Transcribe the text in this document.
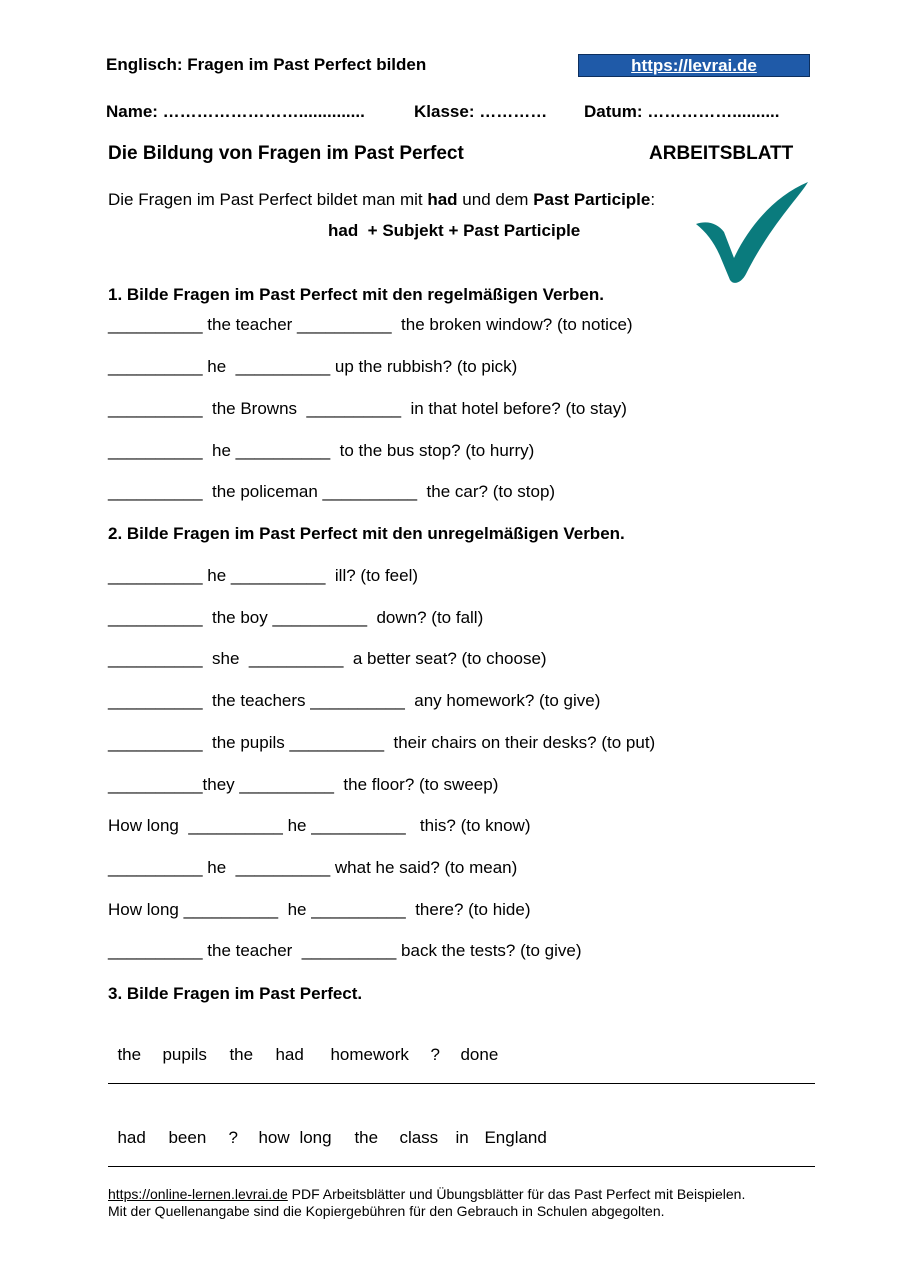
Englisch: Fragen im Past Perfect bilden	https://levrai.de
Name: ……………………..............	Klasse: ………… Datum: ……………..........
Die Bildung von Fragen im Past Perfect	ARBEITSBLATT
Die Fragen im Past Perfect bildet man mit had und dem Past Participle:
had  + Subjekt + Past Participle
1. Bilde Fragen im Past Perfect mit den regelmäßigen Verben.
__________ the teacher __________  the broken window? (to notice)
__________ he  __________ up the rubbish? (to pick)
__________  the Browns  __________  in that hotel before? (to stay)
__________  he __________  to the bus stop? (to hurry)
__________  the policeman __________  the car? (to stop)
2. Bilde Fragen im Past Perfect mit den unregelmäßigen Verben.
__________ he __________  ill? (to feel)
__________  the boy __________  down? (to fall)
__________  she  __________  a better seat? (to choose)
__________  the teachers __________  any homework? (to give)
__________  the pupils __________  their chairs on their desks? (to put)
__________they __________  the floor? (to sweep)
How long  __________ he __________   this? (to know)
__________ he  __________ what he said? (to mean)
How long __________  he __________  there? (to hide)
__________ the teacher  __________ back the tests? (to give)
3. Bilde Fragen im Past Perfect.

the pupils the had homework ? done

had been ? how long the class in England

https://online-lernen.levrai.de PDF Arbeitsblätter und Übungsblätter für das Past Perfect mit Beispielen.
Mit der Quellenangabe sind die Kopiergebühren für den Gebrauch in Schulen abgegolten.
